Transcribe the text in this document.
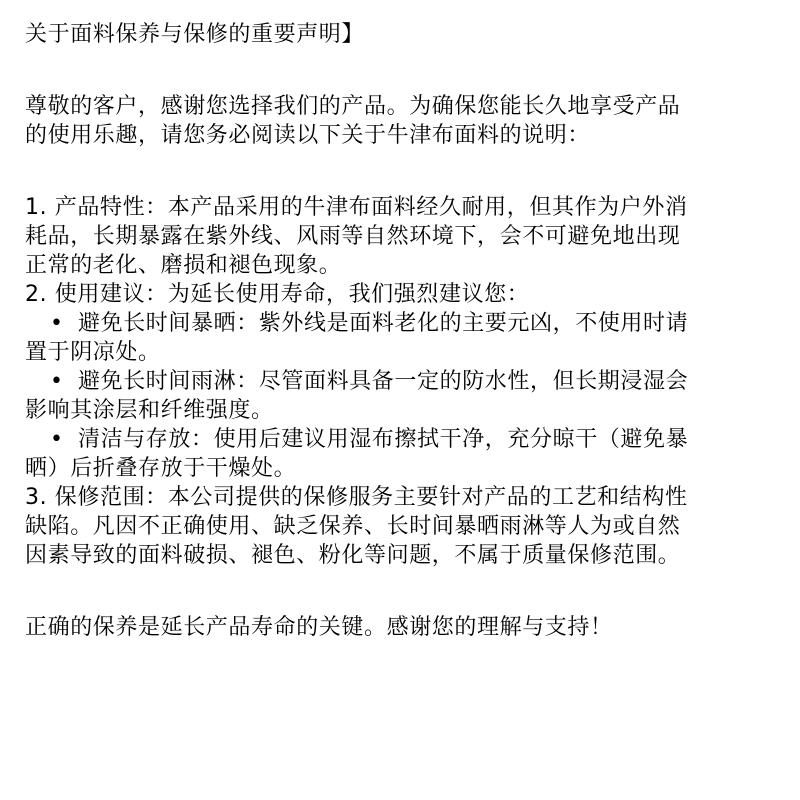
关于面料保养与保修的重要声明】
尊敬的客户，感谢您选择我们的产品。为确保您能长久地享受产品
的使用乐趣，请您务必阅读以下关于牛津布面料的说明：
1. 产品特性：本产品采用的牛津布面料经久耐用，但其作为户外消
耗品，长期暴露在紫外线、风雨等自然环境下，会不可避免地出现
正常的老化、磨损和褪色现象。
2. 使用建议：为延长使用寿命，我们强烈建议您：
• 避免长时间暴晒：紫外线是面料老化的主要元凶，不使用时请
置于阴凉处。
• 避免长时间雨淋：尽管面料具备一定的防水性，但长期浸湿会
影响其涂层和纤维强度。
• 清洁与存放：使用后建议用湿布擦拭干净，充分晾干（避免暴
晒）后折叠存放于干燥处。
3. 保修范围：本公司提供的保修服务主要针对产品的工艺和结构性
缺陷。凡因不正确使用、缺乏保养、长时间暴晒雨淋等人为或自然
因素导致的面料破损、褪色、粉化等问题，不属于质量保修范围。
正确的保养是延长产品寿命的关键。感谢您的理解与支持！
